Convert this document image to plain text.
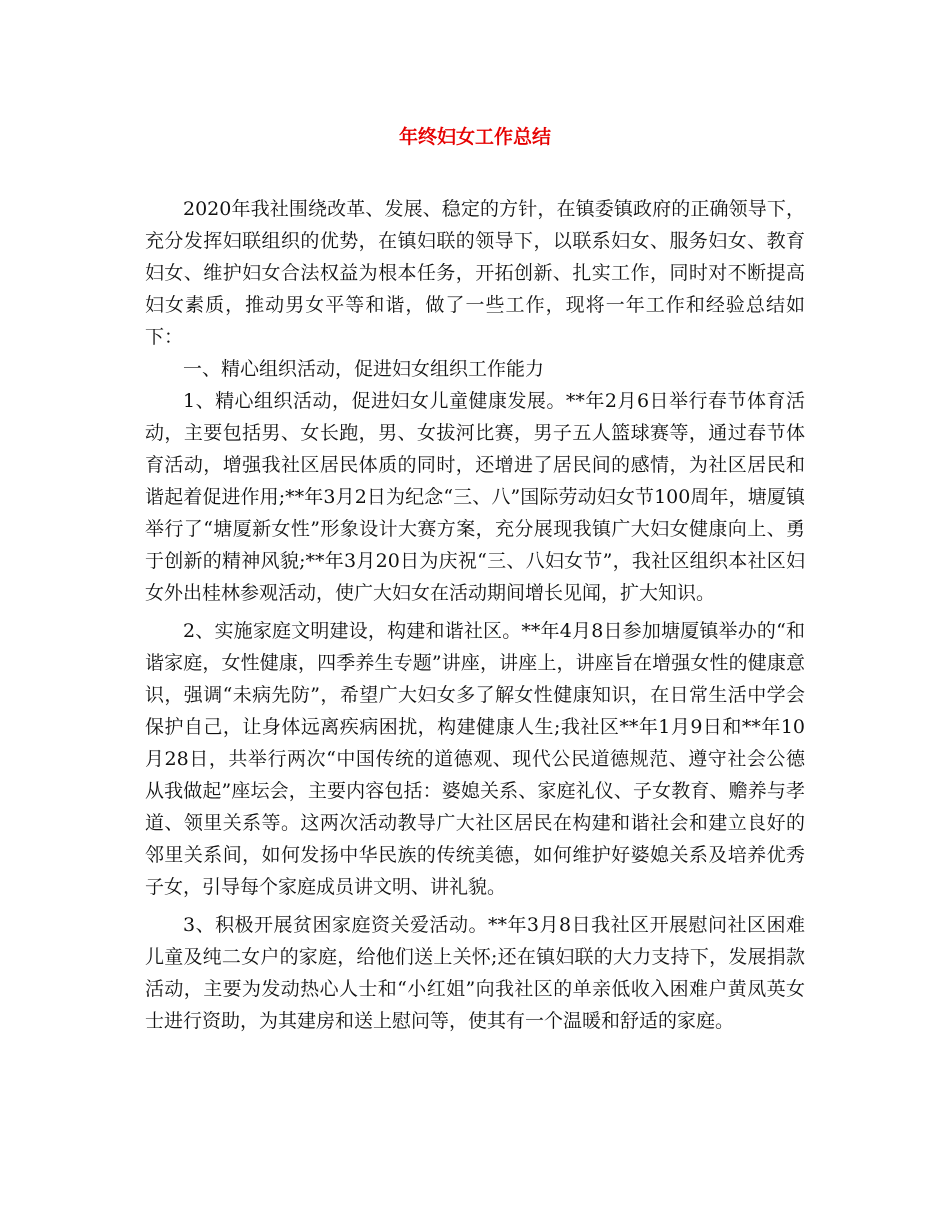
年终妇女工作总结

2020年我社围绕改革、发展、稳定的方针，在镇委镇政府的正确领导下，充分发挥妇联组织的优势，在镇妇联的领导下，以联系妇女、服务妇女、教育妇女、维护妇女合法权益为根本任务，开拓创新、扎实工作，同时对不断提高妇女素质，推动男女平等和谐，做了一些工作，现将一年工作和经验总结如下：

一、精心组织活动，促进妇女组织工作能力

1、精心组织活动，促进妇女儿童健康发展。**年2月6日举行春节体育活动，主要包括男、女长跑，男、女拔河比赛，男子五人篮球赛等，通过春节体育活动，增强我社区居民体质的同时，还增进了居民间的感情，为社区居民和谐起着促进作用;**年3月2日为纪念“三、八”国际劳动妇女节100周年，塘厦镇举行了“塘厦新女性”形象设计大赛方案，充分展现我镇广大妇女健康向上、勇于创新的精神风貌;**年3月20日为庆祝“三、八妇女节”，我社区组织本社区妇女外出桂林参观活动，使广大妇女在活动期间增长见闻，扩大知识。

2、实施家庭文明建设，构建和谐社区。**年4月8日参加塘厦镇举办的“和谐家庭，女性健康，四季养生专题”讲座，讲座上，讲座旨在增强女性的健康意识，强调“未病先防”，希望广大妇女多了解女性健康知识，在日常生活中学会保护自己，让身体远离疾病困扰，构建健康人生;我社区**年1月9日和**年10月28日，共举行两次“中国传统的道德观、现代公民道德规范、遵守社会公德从我做起”座坛会，主要内容包括：婆媳关系、家庭礼仪、子女教育、赡养与孝道、领里关系等。这两次活动教导广大社区居民在构建和谐社会和建立良好的邻里关系间，如何发扬中华民族的传统美德，如何维护好婆媳关系及培养优秀子女，引导每个家庭成员讲文明、讲礼貌。

3、积极开展贫困家庭资关爱活动。**年3月8日我社区开展慰问社区困难儿童及纯二女户的家庭，给他们送上关怀;还在镇妇联的大力支持下，发展捐款活动，主要为发动热心人士和“小红姐”向我社区的单亲低收入困难户黄凤英女士进行资助，为其建房和送上慰问等，使其有一个温暖和舒适的家庭。
